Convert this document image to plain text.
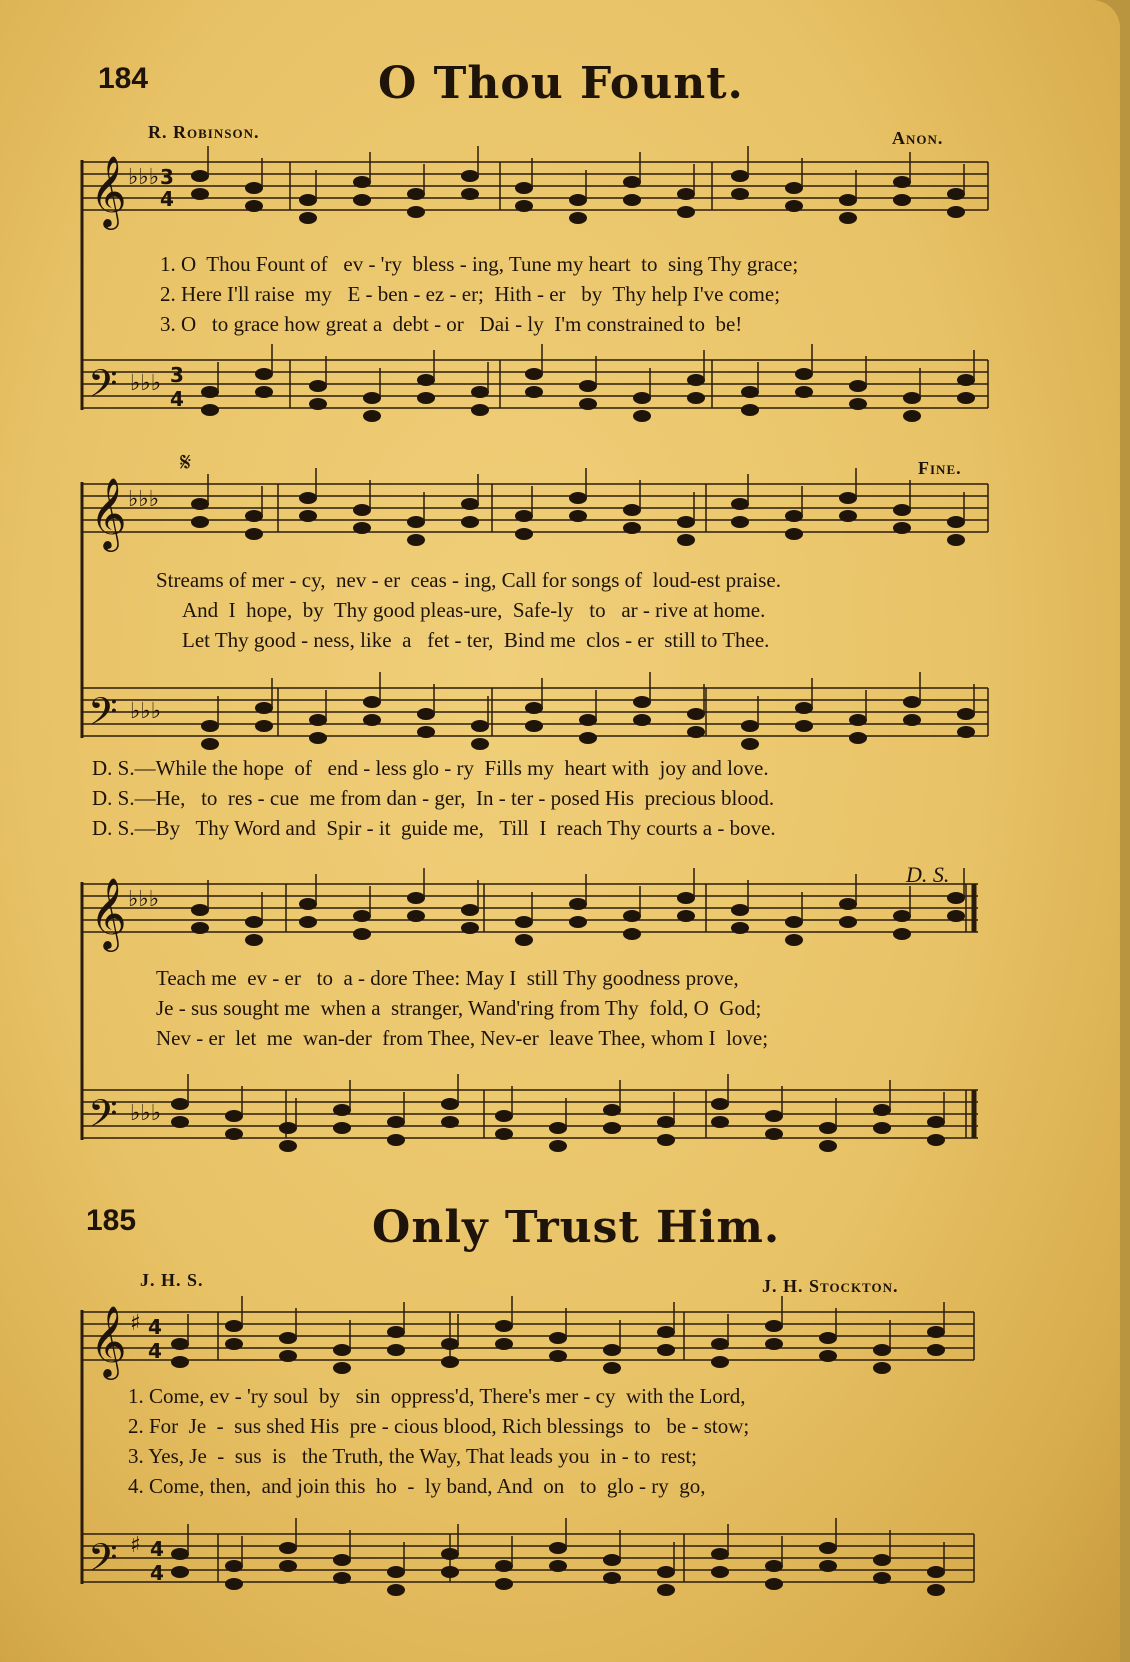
184	O Thou Fount.
R. Robinson.	Anon.
𝄞
𝄢
𝄞
𝄢
𝄞
𝄢
𝄞
𝄢
♭♭♭
♭♭♭
♭♭♭
♭♭♭
♭♭♭
♭♭♭
♯
♯
3
4
3
4
4
4
4
4
1. O  Thou Fount of   ev - 'ry  bless - ing, Tune my heart  to  sing Thy grace;
2. Here I'll raise  my   E - ben - ez - er;  Hith - er   by  Thy help I've come;
3. O   to grace how great a  debt - or   Dai - ly  I'm constrained to  be!
𝄋	Fine.
Streams of mer - cy,  nev - er  ceas - ing, Call for songs of  loud-est praise.
And  I  hope,  by  Thy good pleas-ure,  Safe-ly   to   ar - rive at home.
Let Thy good - ness, like  a   fet - ter,  Bind me  clos - er  still to Thee.
D. S.—While the hope  of   end - less glo - ry  Fills my  heart with  joy and love.
D. S.—He,   to  res - cue  me from dan - ger,  In - ter - posed His  precious blood.
D. S.—By   Thy Word and  Spir - it  guide me,   Till  I  reach Thy courts a - bove.
D. S.
Teach me  ev - er   to  a - dore Thee: May I  still Thy goodness prove,
Je - sus sought me  when a  stranger, Wand'ring from Thy  fold, O  God;
Nev - er  let  me  wan-der  from Thee, Nev-er  leave Thee, whom I  love;
185	Only Trust Him.
J. H. S.	J. H. Stockton.
1. Come, ev - 'ry soul  by   sin  oppress'd, There's mer - cy  with the Lord,
2. For  Je  -  sus shed His  pre - cious blood, Rich blessings  to   be - stow;
3. Yes, Je  -  sus  is   the Truth, the Way, That leads you  in - to  rest;
4. Come, then,  and join this  ho  -  ly band, And  on   to  glo - ry  go,
